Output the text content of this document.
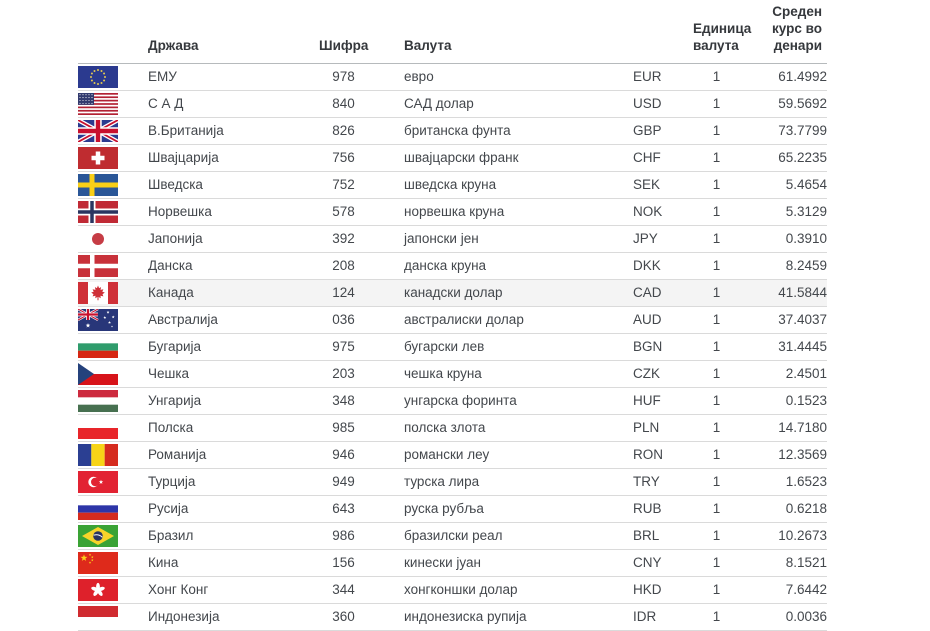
	Држава	Шифра	Валута		Единица валута	Среден курс во денари

	ЕМУ	978	евро	EUR	1	61.4992

	С А Д	840	САД долар	USD	1	59.5692

	В.Британија	826	британска фунта	GBP	1	73.7799

	Швајцарија	756	швајцарски франк	CHF	1	65.2235

	Шведска	752	шведска круна	SEK	1	5.4654

	Норвешка	578	норвешка круна	NOK	1	5.3129

	Јапонија	392	јапонски јен	JPY	1	0.3910

	Данска	208	данска круна	DKK	1	8.2459

	Канада	124	канадски долар	CAD	1	41.5844

	Австралија	036	австралиски долар	AUD	1	37.4037

	Бугарија	975	бугарски лев	BGN	1	31.4445

	Чешка	203	чешка круна	CZK	1	2.4501

	Унгарија	348	унгарска форинта	HUF	1	0.1523

	Полска	985	полска злота	PLN	1	14.7180

	Романија	946	романски леу	RON	1	12.3569

	Турција	949	турска лира	TRY	1	1.6523

	Русија	643	руска рубља	RUB	1	0.6218

	Бразил	986	бразилски реал	BRL	1	10.2673

	Кина	156	кинески јуан	CNY	1	8.1521

	Хонг Конг	344	хонгконшки долар	HKD	1	7.6442

	Индонезија	360	индонезиска рупија	IDR	1	0.0036
